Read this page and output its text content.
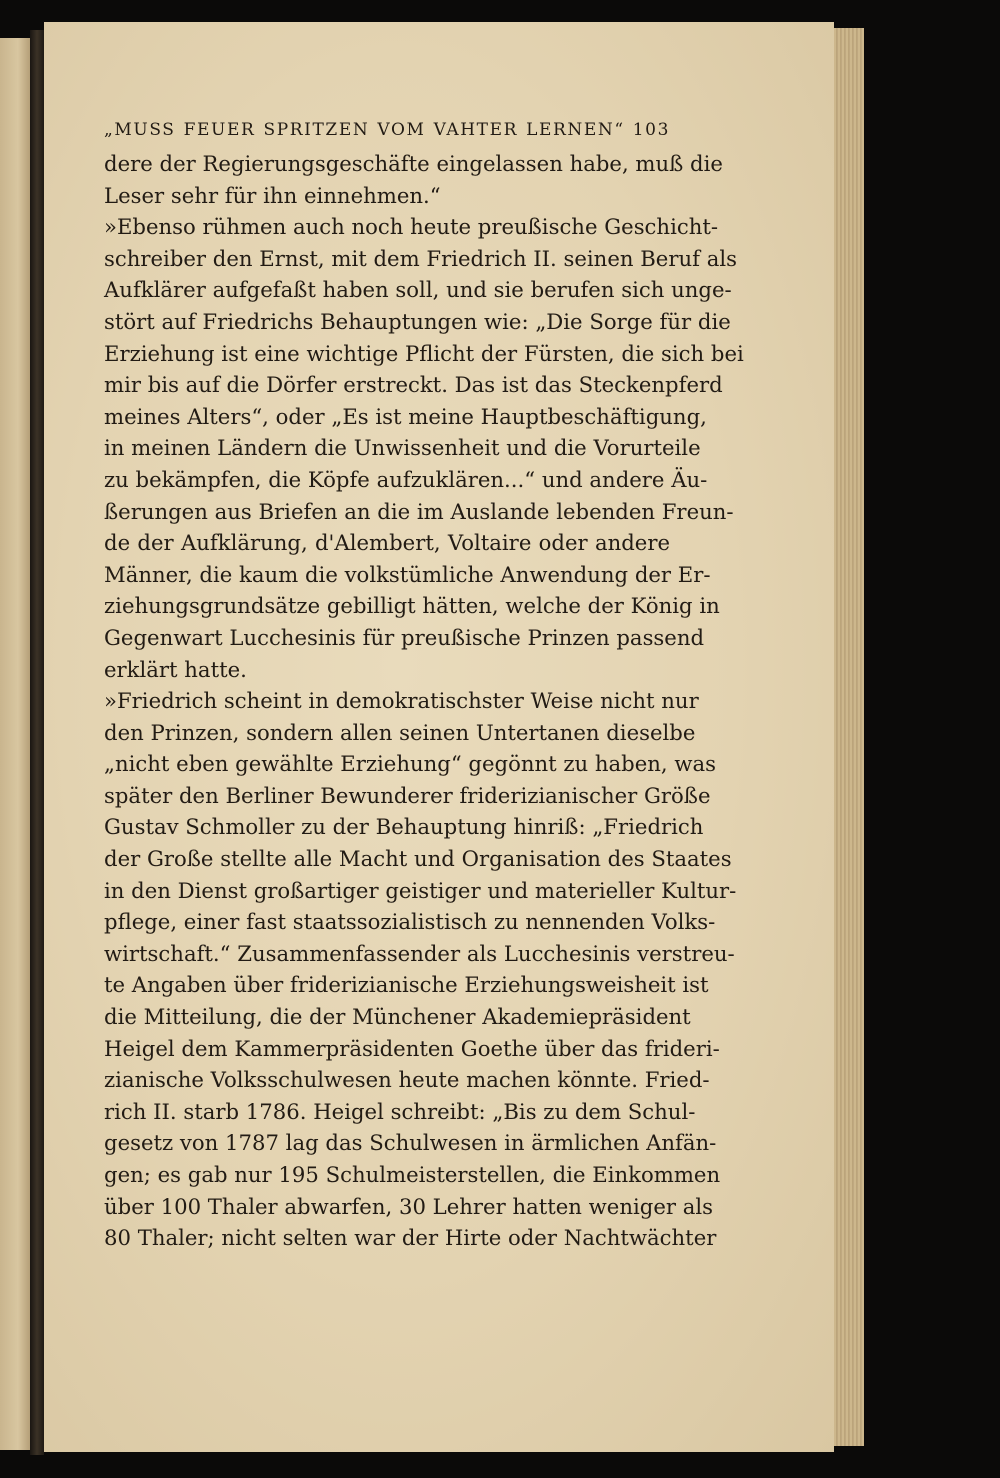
„MUSS FEUER SPRITZEN VOM VAHTER LERNEN“ 103
dere der Regierungsgeschäfte eingelassen habe, muß die
Leser sehr für ihn einnehmen.“
»Ebenso rühmen auch noch heute preußische Geschicht-
schreiber den Ernst, mit dem Friedrich II. seinen Beruf als
Aufklärer aufgefaßt haben soll, und sie berufen sich unge-
stört auf Friedrichs Behauptungen wie: „Die Sorge für die
Erziehung ist eine wichtige Pflicht der Fürsten, die sich bei
mir bis auf die Dörfer erstreckt. Das ist das Steckenpferd
meines Alters“, oder „Es ist meine Hauptbeschäftigung,
in meinen Ländern die Unwissenheit und die Vorurteile
zu bekämpfen, die Köpfe aufzuklären...“ und andere Äu-
ßerungen aus Briefen an die im Auslande lebenden Freun-
de der Aufklärung, d'Alembert, Voltaire oder andere
Männer, die kaum die volkstümliche Anwendung der Er-
ziehungsgrundsätze gebilligt hätten, welche der König in
Gegenwart Lucchesinis für preußische Prinzen passend
erklärt hatte.
»Friedrich scheint in demokratischster Weise nicht nur
den Prinzen, sondern allen seinen Untertanen dieselbe
„nicht eben gewählte Erziehung“ gegönnt zu haben, was
später den Berliner Bewunderer friderizianischer Größe
Gustav Schmoller zu der Behauptung hinriß: „Friedrich
der Große stellte alle Macht und Organisation des Staates
in den Dienst großartiger geistiger und materieller Kultur-
pflege, einer fast staatssozialistisch zu nennenden Volks-
wirtschaft.“ Zusammenfassender als Lucchesinis verstreu-
te Angaben über friderizianische Erziehungsweisheit ist
die Mitteilung, die der Münchener Akademiepräsident
Heigel dem Kammerpräsidenten Goethe über das frideri-
zianische Volksschulwesen heute machen könnte. Fried-
rich II. starb 1786. Heigel schreibt: „Bis zu dem Schul-
gesetz von 1787 lag das Schulwesen in ärmlichen Anfän-
gen; es gab nur 195 Schulmeisterstellen, die Einkommen
über 100 Thaler abwarfen, 30 Lehrer hatten weniger als
80 Thaler; nicht selten war der Hirte oder Nachtwächter
